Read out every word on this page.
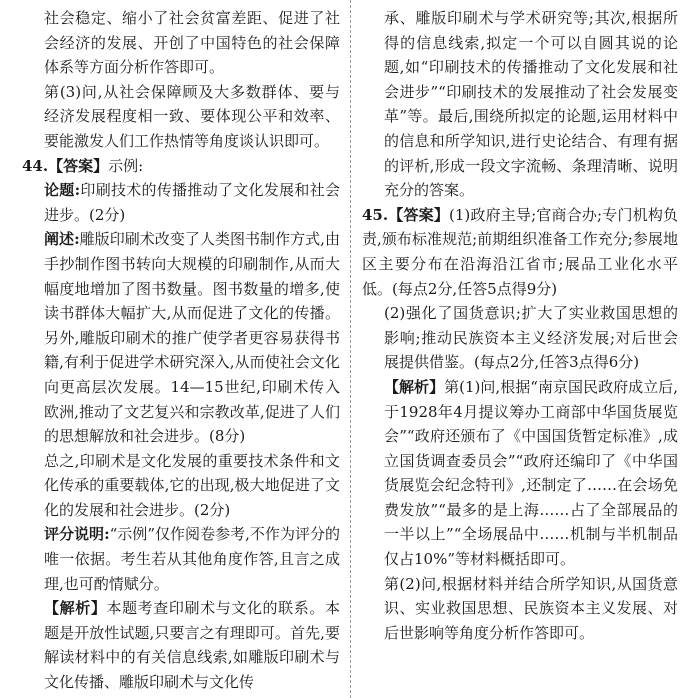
社会稳定、缩小了社会贫富差距、促进了社会经济的发展、开创了中国特色的社会保障体系等方面分析作答即可。

第(3)问,从社会保障顾及大多数群体、要与经济发展程度相一致、要体现公平和效率、要能激发人们工作热情等角度谈认识即可。

44.【答案】示例:

论题:印刷技术的传播推动了文化发展和社会进步。(2分)

阐述:雕版印刷术改变了人类图书制作方式,由手抄制作图书转向大规模的印刷制作,从而大幅度地增加了图书数量。图书数量的增多,使读书群体大幅扩大,从而促进了文化的传播。另外,雕版印刷术的推广使学者更容易获得书籍,有利于促进学术研究深入,从而使社会文化向更高层次发展。14—15世纪,印刷术传入欧洲,推动了文艺复兴和宗教改革,促进了人们的思想解放和社会进步。(8分)

总之,印刷术是文化发展的重要技术条件和文化传承的重要载体,它的出现,极大地促进了文化的发展和社会进步。(2分)

评分说明:“示例”仅作阅卷参考,不作为评分的唯一依据。考生若从其他角度作答,且言之成理,也可酌情赋分。

【解析】本题考查印刷术与文化的联系。本题是开放性试题,只要言之有理即可。首先,要解读材料中的有关信息线索,如雕版印刷术与文化传播、雕版印刷术与文化传

承、雕版印刷术与学术研究等;其次,根据所得的信息线索,拟定一个可以自圆其说的论题,如“印刷技术的传播推动了文化发展和社会进步”“印刷技术的发展推动了社会发展变革”等。最后,围绕所拟定的论题,运用材料中的信息和所学知识,进行史论结合、有理有据的评析,形成一段文字流畅、条理清晰、说明充分的答案。

45.【答案】(1)政府主导;官商合办;专门机构负责,颁布标准规范;前期组织准备工作充分;参展地区主要分布在沿海沿江省市;展品工业化水平低。(每点2分,任答5点得9分)

(2)强化了国货意识;扩大了实业救国思想的影响;推动民族资本主义经济发展;对后世会展提供借鉴。(每点2分,任答3点得6分)

【解析】第(1)问,根据“南京国民政府成立后,于1928年4月提议筹办工商部中华国货展览会”“政府还颁布了《中国国货暂定标准》,成立国货调查委员会”“政府还编印了《中华国货展览会纪念特刊》,还制定了……在会场免费发放”“最多的是上海……占了全部展品的一半以上”“全场展品中……机制与半机制品仅占10%”等材料概括即可。

第(2)问,根据材料并结合所学知识,从国货意识、实业救国思想、民族资本主义发展、对后世影响等角度分析作答即可。
